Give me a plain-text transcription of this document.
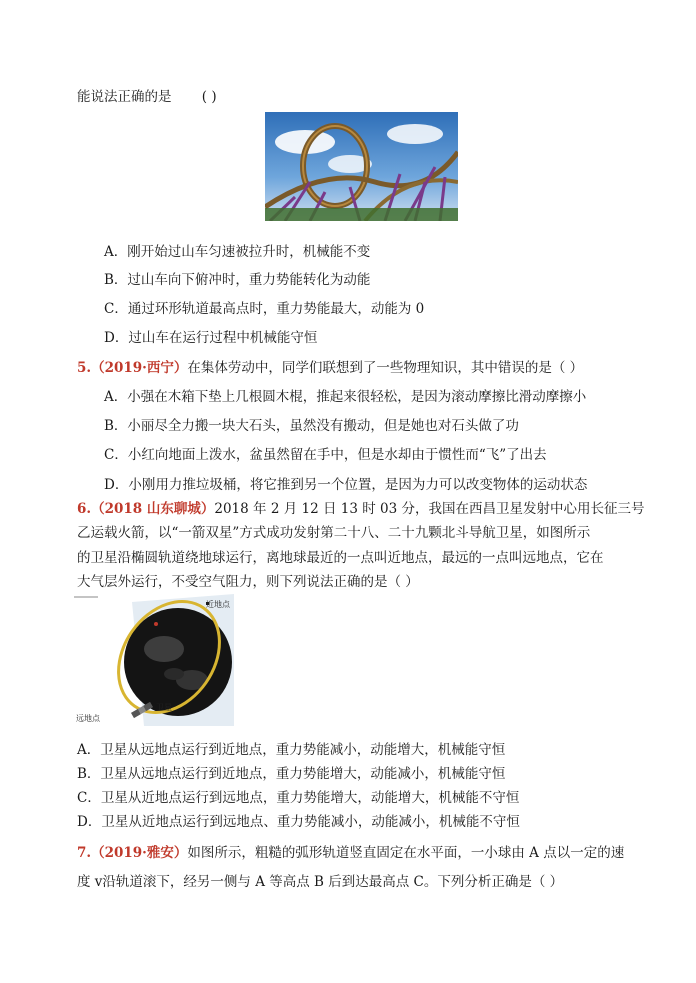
能说法正确的是 ( )
A．刚开始过山车匀速被拉升时，机械能不变
B．过山车向下俯冲时，重力势能转化为动能
C．通过环形轨道最高点时，重力势能最大，动能为 0
D．过山车在运行过程中机械能守恒
5.（2019·西宁）在集体劳动中，同学们联想到了一些物理知识，其中错误的是（ ）
A．小强在木箱下垫上几根圆木棍，推起来很轻松，是因为滚动摩擦比滑动摩擦小
B．小丽尽全力搬一块大石头，虽然没有搬动，但是她也对石头做了功
C．小红向地面上泼水，盆虽然留在手中，但是水却由于惯性而“飞”了出去
D．小刚用力推垃圾桶，将它推到另一个位置，是因为力可以改变物体的运动状态
6.（2018 山东聊城）2018 年 2 月 12 日 13 时 03 分，我国在西昌卫星发射中心用长征三号
乙运载火箭，以“一箭双星”方式成功发射第二十八、二十九颗北斗导航卫星，如图所示
的卫星沿椭圆轨道绕地球运行，离地球最近的一点叫近地点，最远的一点叫远地点，它在
大气层外运行，不受空气阻力，则下列说法正确的是（ ）
近地点
远地点
卫星
A．卫星从远地点运行到近地点，重力势能减小，动能增大，机械能守恒
B．卫星从远地点运行到近地点，重力势能增大，动能减小，机械能守恒
C．卫星从近地点运行到远地点，重力势能增大，动能增大，机械能不守恒
D．卫星从近地点运行到远地点、重力势能减小，动能减小，机械能不守恒
7.（2019·雅安）如图所示，粗糙的弧形轨道竖直固定在水平面，一小球由 A 点以一定的速
度 v沿轨道滚下，经另一侧与 A 等高点 B 后到达最高点 C。下列分析正确是（ ）
